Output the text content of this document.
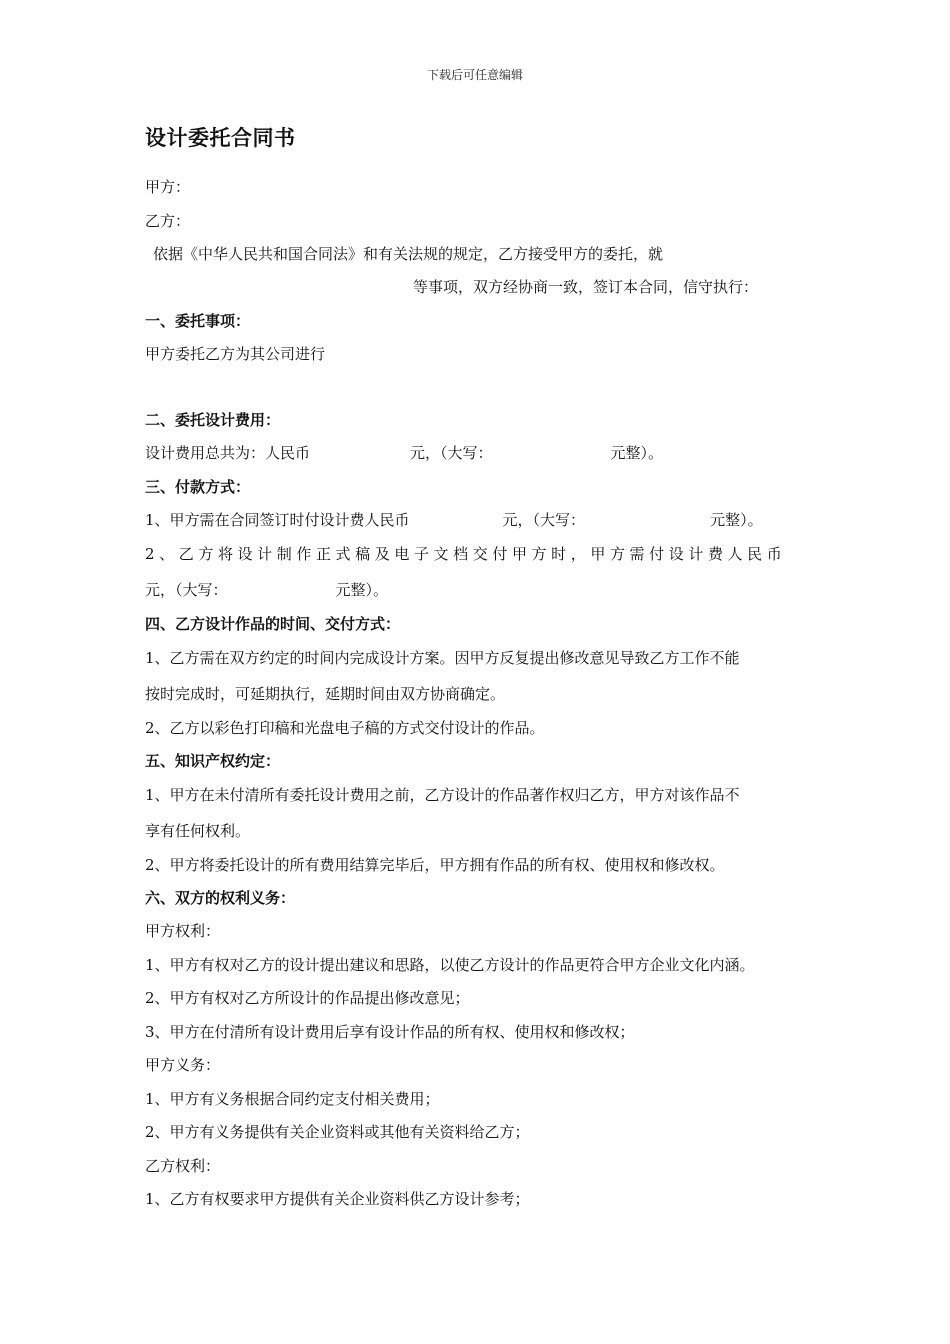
下载后可任意编辑
设计委托合同书
甲方：
乙方：
依据《中华人民共和国合同法》和有关法规的规定，乙方接受甲方的委托，就
等事项，双方经协商一致，签订本合同，信守执行：
一、委托事项：
甲方委托乙方为其公司进行
二、委托设计费用：
设计费用总共为：人民币	元，（大写：	元整）。
三、付款方式：
1、甲方需在合同签订时付设计费人民币	元，（大写：	元整）。
2、乙方将设计制作正式稿及电子文档交付甲方时，甲方需付设计费人民币
元，（大写：	元整）。
四、乙方设计作品的时间、交付方式：
1、乙方需在双方约定的时间内完成设计方案。因甲方反复提出修改意见导致乙方工作不能
按时完成时，可延期执行，延期时间由双方协商确定。
2、乙方以彩色打印稿和光盘电子稿的方式交付设计的作品。
五、知识产权约定：
1、甲方在未付清所有委托设计费用之前，乙方设计的作品著作权归乙方，甲方对该作品不
享有任何权利。
2、甲方将委托设计的所有费用结算完毕后，甲方拥有作品的所有权、使用权和修改权。
六、双方的权利义务：
甲方权利：
1、甲方有权对乙方的设计提出建议和思路，以使乙方设计的作品更符合甲方企业文化内涵。
2、甲方有权对乙方所设计的作品提出修改意见；
3、甲方在付清所有设计费用后享有设计作品的所有权、使用权和修改权；
甲方义务：
1、甲方有义务根据合同约定支付相关费用；
2、甲方有义务提供有关企业资料或其他有关资料给乙方；
乙方权利：
1、乙方有权要求甲方提供有关企业资料供乙方设计参考；
